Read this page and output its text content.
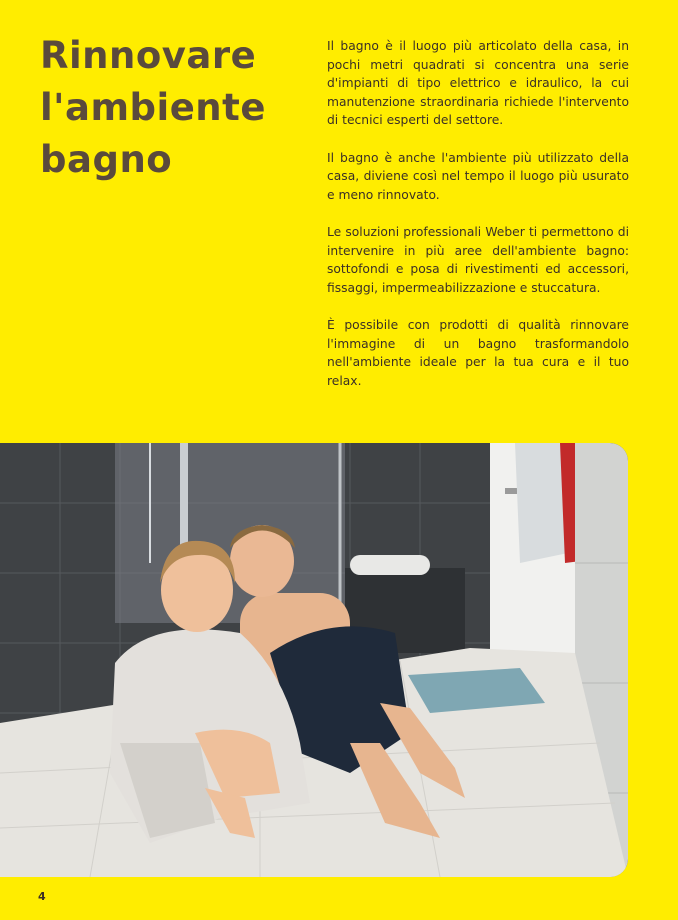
Rinnovare
l'ambiente
bagno

Il bagno è il luogo più articolato della casa, in pochi metri quadrati si concentra una serie d'impianti di tipo elettrico e idraulico, la cui manutenzione straordinaria richiede l'intervento di tecnici esperti del settore.

Il bagno è anche l'ambiente più utilizzato della casa, diviene così nel tempo il luogo più usurato e meno rinnovato.

Le soluzioni professionali Weber ti permettono di intervenire in più aree dell'ambiente bagno: sottofondi e posa di rivestimenti ed accessori, fissaggi, impermeabilizzazione e stuccatura.

È possibile con prodotti di qualità rinnovare l'immagine di un bagno trasformandolo nell'ambiente ideale per la tua cura e il tuo relax.

4
